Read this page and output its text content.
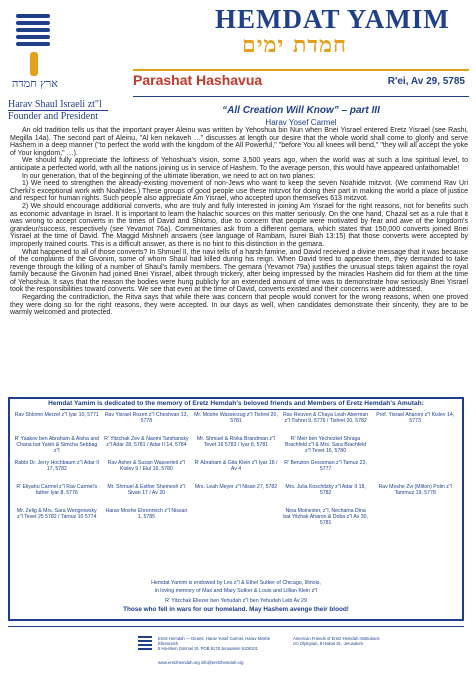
ארץ חמדה
Harav Shaul Israeli zt"l
Founder and President
HEMDAT YAMIM
חמדת ימים
Parashat Hashavua	R'ei, Av 29, 5785
“All Creation Will Know” – part III
Harav Yosef Carmel

An old tradition tells us that the important prayer Aleinu was written by Yehoshua bin Nun when Bnei Yisrael entered Eretz Yisrael (see Rashi, Megilla 14a). The second part of Aleinu, "Al ken nekaveh …" discusses at length our desire that the whole world shall come to glorify and serve Hashem in a deep manner ("to perfect the world with the kingdom of the All Powerful," "before You all knees will bend," "they will all accept the yoke of Your kingdom," …).

We should fully appreciate the loftiness of Yehoshua's vision, some 3,500 years ago, when the world was at such a low spiritual level, to anticipate a perfected world, with all the nations joining us in service of Hashem. To the average person, this would have appeared unfathomable!

In our generation, that of the beginning of the ultimate liberation, we need to act on two planes:

1) We need to strengthen the already-existing movement of non-Jews who want to keep the seven Noahide mitzvot. (We commend Rav Uri Cherki's exceptional work with Noahides.) These groups of good people use these mitzvot for doing their part in making the world a place of justice and respect for human rights. Such people also appreciate Am Yisrael, who accepted upon themselves 613 mitzvot.

2) We should encourage additional converts, who are truly and fully interested in joining Am Yisrael for the right reasons, not for benefits such as economic advantage in Israel. It is important to learn the halachic sources on this matter seriously. On the one hand, Chazal set as a rule that it was wrong to accept converts in the times of David and Shlomo, due to concern that people were motivated by fear and awe of the kingdom's grandeur/success, respectively (see Yevamot 76a). Commentaries ask from a different gemara, which states that 150,000 converts joined Bnei Yisrael at the time of David. The Maggid Mishneh answers (see language of Rambam, Isurei Biah 13:15) that those converts were accepted by improperly trained courts. This is a difficult answer, as there is no hint to this distinction in the gemara.

What happened to all of those converts? In Shmuel II, the navi tells of a harsh famine, and David received a divine message that it was because of the complaints of the Givonim, some of whom Shaul had killed during his reign. When David tried to appease them, they demanded to take revenge through the killing of a number of Shaul's family members. The gemara (Yevamot 79a) justifies the unusual steps taken against the royal family because the Givonim had joined Bnei Yisrael, albeit through trickery, after being impressed by the miracles Hashem did for them at the time of Yehoshua. It says that the reason the bodies were hung publicly for an extended amount of time was to demonstrate how seriously Bnei Yisrael took the responsibilities toward converts. We see that even at the time of David, converts existed and their concerns were addressed.

Regarding the contradiction, the Ritva says that while there was concern that people would convert for the wrong reasons, when one proved they were doing so for the right reasons, they were accepted. In our days as well, when candidates demonstrate their sincerity, they are to be warmly welcomed and protected.

Hemdat Yamim is dedicated to the memory of Eretz Hemdah's beloved friends and Members of Eretz Hemdah's Amutah:
Rav Shlomo Merzel z"l Iyar 10, 5771 Rav Yisrael Rozen z"l Cheshvan 13, 5778
Mr. Moshe Wasserzug z"l Tishrei 20, 5781
Rav Reuven & Chaya Leah Aberman z"l Tishrei 9, 5776 / Tishrei 20, 5782
Prof. Yisrael Aharoni z"l Kislev 14, 5773
R' Yaakov ben Abraham & Aisha and Chana bat Yaish & Simcha Sebbag z"l
R' Yitzchak Zev & Naomi Tarshansky z"l Adar 28, 5781 / Adar II 14, 5784
Mr. Shmuel & Rivka Brandman z"l Tevet 16 5783 / Iyar 8, 5781
R' Meir ben Yechezkel Shraga Brachfeld z"l & Mrs. Sara Brachfeld z"l Tevet 16, 5780
Rabbi Dr. Jerry Hochbaum z"l Adar II 17, 5782
Rav Asher & Susan Wasserteil z"l Kislev 9 / Elul 16, 5780
R' Abraham & Gita Klein z"l Iyar 18 / Av 4
R' Benzion Grossman z"l Tamuz 23, 5777
R' Eliyahu Carmel z"l Rav Carmel's father Iyar 8, 5776
Mr. Shmuel & Esther Shemesh z"l Sivan 17 / Av 20
Mrs. Leah Meyer z"l Nisan 27, 5782	Mrs. Julia Koschitzky z"l Adar II 18, 5782
Rav Moshe Zvi (Milton) Polin z"l Tammuz 19, 5778
Mr. Zelig & Mrs. Sara Wengrowsky z"l Tevet 25 5782 / Tamuz 10 5774
Harav Moshe Ehrenreich z"l Nissan 1, 5785
Nina Moinester, z"l, Nechama Dina bat Yitzhak Aharon & Doba z"l Av 30, 5781
Hemdat Yamim is endowed by Les z"l & Ethel Sutker of Chicago, Illinois,
in loving memory of Max and Mary Sutker & Louis and Lillian Klein z"l
R' Yitzchak Eliezer ben Yehudah z"l ben Yehudah Leib Av 29
Those who fell in wars for our homeland. May Hashem avenge their blood!
Eretz Hemdah — Deans: Harav Yosef Carmel, Harav Moshe Ehrenreich
5 Ha-Mem Gimmel St. POB 8178 Jerusalem 9108101
American Friends of Eretz Hemdah Institutions
c/o Olympian, 8 Hakos St., Jerusalem
www.eretzhemdah.org info@eretzhemdah.org
